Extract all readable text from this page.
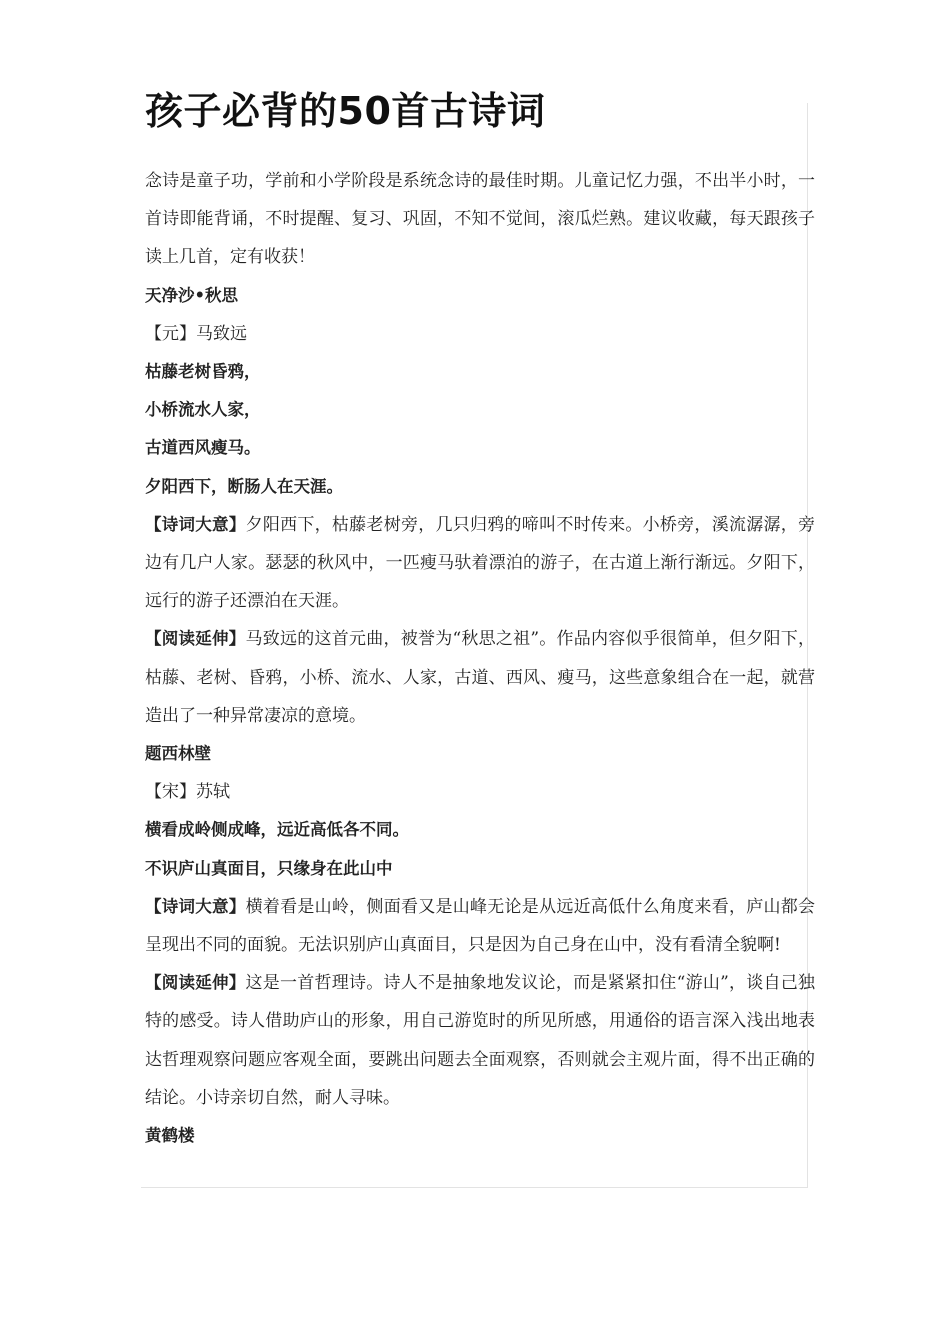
孩子必背的50首古诗词

念诗是童子功，学前和小学阶段是系统念诗的最佳时期。儿童记忆力强，不出半小时，一首诗即能背诵，不时提醒、复习、巩固，不知不觉间，滚瓜烂熟。建议收藏，每天跟孩子读上几首，定有收获！

天净沙•秋思

【元】马致远

枯藤老树昏鸦，

小桥流水人家，

古道西风瘦马。

夕阳西下，断肠人在天涯。

【诗词大意】夕阳西下，枯藤老树旁，几只归鸦的啼叫不时传来。小桥旁，溪流潺潺，旁边有几户人家。瑟瑟的秋风中，一匹瘦马驮着漂泊的游子，在古道上渐行渐远。夕阳下，远行的游子还漂泊在天涯。

【阅读延伸】马致远的这首元曲，被誉为“秋思之祖”。作品内容似乎很简单，但夕阳下，枯藤、老树、昏鸦，小桥、流水、人家，古道、西风、瘦马，这些意象组合在一起，就营造出了一种异常凄凉的意境。

题西林壁

【宋】苏轼

横看成岭侧成峰，远近高低各不同。

不识庐山真面目，只缘身在此山中

【诗词大意】横着看是山岭，侧面看又是山峰无论是从远近高低什么角度来看，庐山都会呈现出不同的面貌。无法识别庐山真面目，只是因为自己身在山中，没有看清全貌啊!

【阅读延伸】这是一首哲理诗。诗人不是抽象地发议论，而是紧紧扣住“游山”，谈自己独特的感受。诗人借助庐山的形象，用自己游览时的所见所感，用通俗的语言深入浅出地表达哲理观察问题应客观全面，要跳出问题去全面观察，否则就会主观片面，得不出正确的结论。小诗亲切自然，耐人寻味。

黄鹤楼
